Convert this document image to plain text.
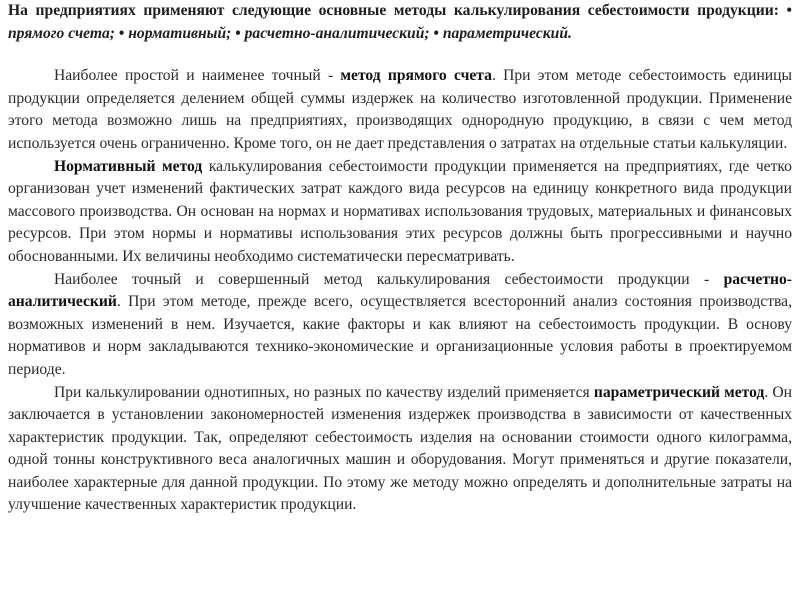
На предприятиях применяют следующие основные методы калькулирования себестоимости продукции: • прямого счета; • нормативный; • расчетно-аналитический; • параметрический.

Наиболее простой и наименее точный - метод прямого счета. При этом методе себестоимость единицы продукции определяется делением общей суммы издержек на количество изготовленной продукции. Применение этого метода возможно лишь на предприятиях, производящих однородную продукцию, в связи с чем метод используется очень ограниченно. Кроме того, он не дает представления о затратах на отдельные статьи калькуляции.

Нормативный метод калькулирования себестоимости продукции применяется на предприятиях, где четко организован учет изменений фактических затрат каждого вида ресурсов на единицу конкретного вида продукции массового производства. Он основан на нормах и нормативах использования трудовых, материальных и финансовых ресурсов. При этом нормы и нормативы использования этих ресурсов должны быть прогрессивными и научно обоснованными. Их величины необходимо систематически пересматривать.

Наиболее точный и совершенный метод калькулирования себестоимости продукции - расчетно-аналитический. При этом методе, прежде всего, осуществляется всесторонний анализ состояния производства, возможных изменений в нем. Изучается, какие факторы и как влияют на себестоимость продукции. В основу нормативов и норм закладываются технико-экономические и организационные условия работы в проектируемом периоде.

При калькулировании однотипных, но разных по качеству изделий применяется параметрический метод. Он заключается в установлении закономерностей изменения издержек производства в зависимости от качественных характеристик продукции. Так, определяют себестоимость изделия на основании стоимости одного килограмма, одной тонны конструктивного веса аналогичных машин и оборудования. Могут применяться и другие показатели, наиболее характерные для данной продукции. По этому же методу можно определять и дополнительные затраты на улучшение качественных характеристик продукции.
